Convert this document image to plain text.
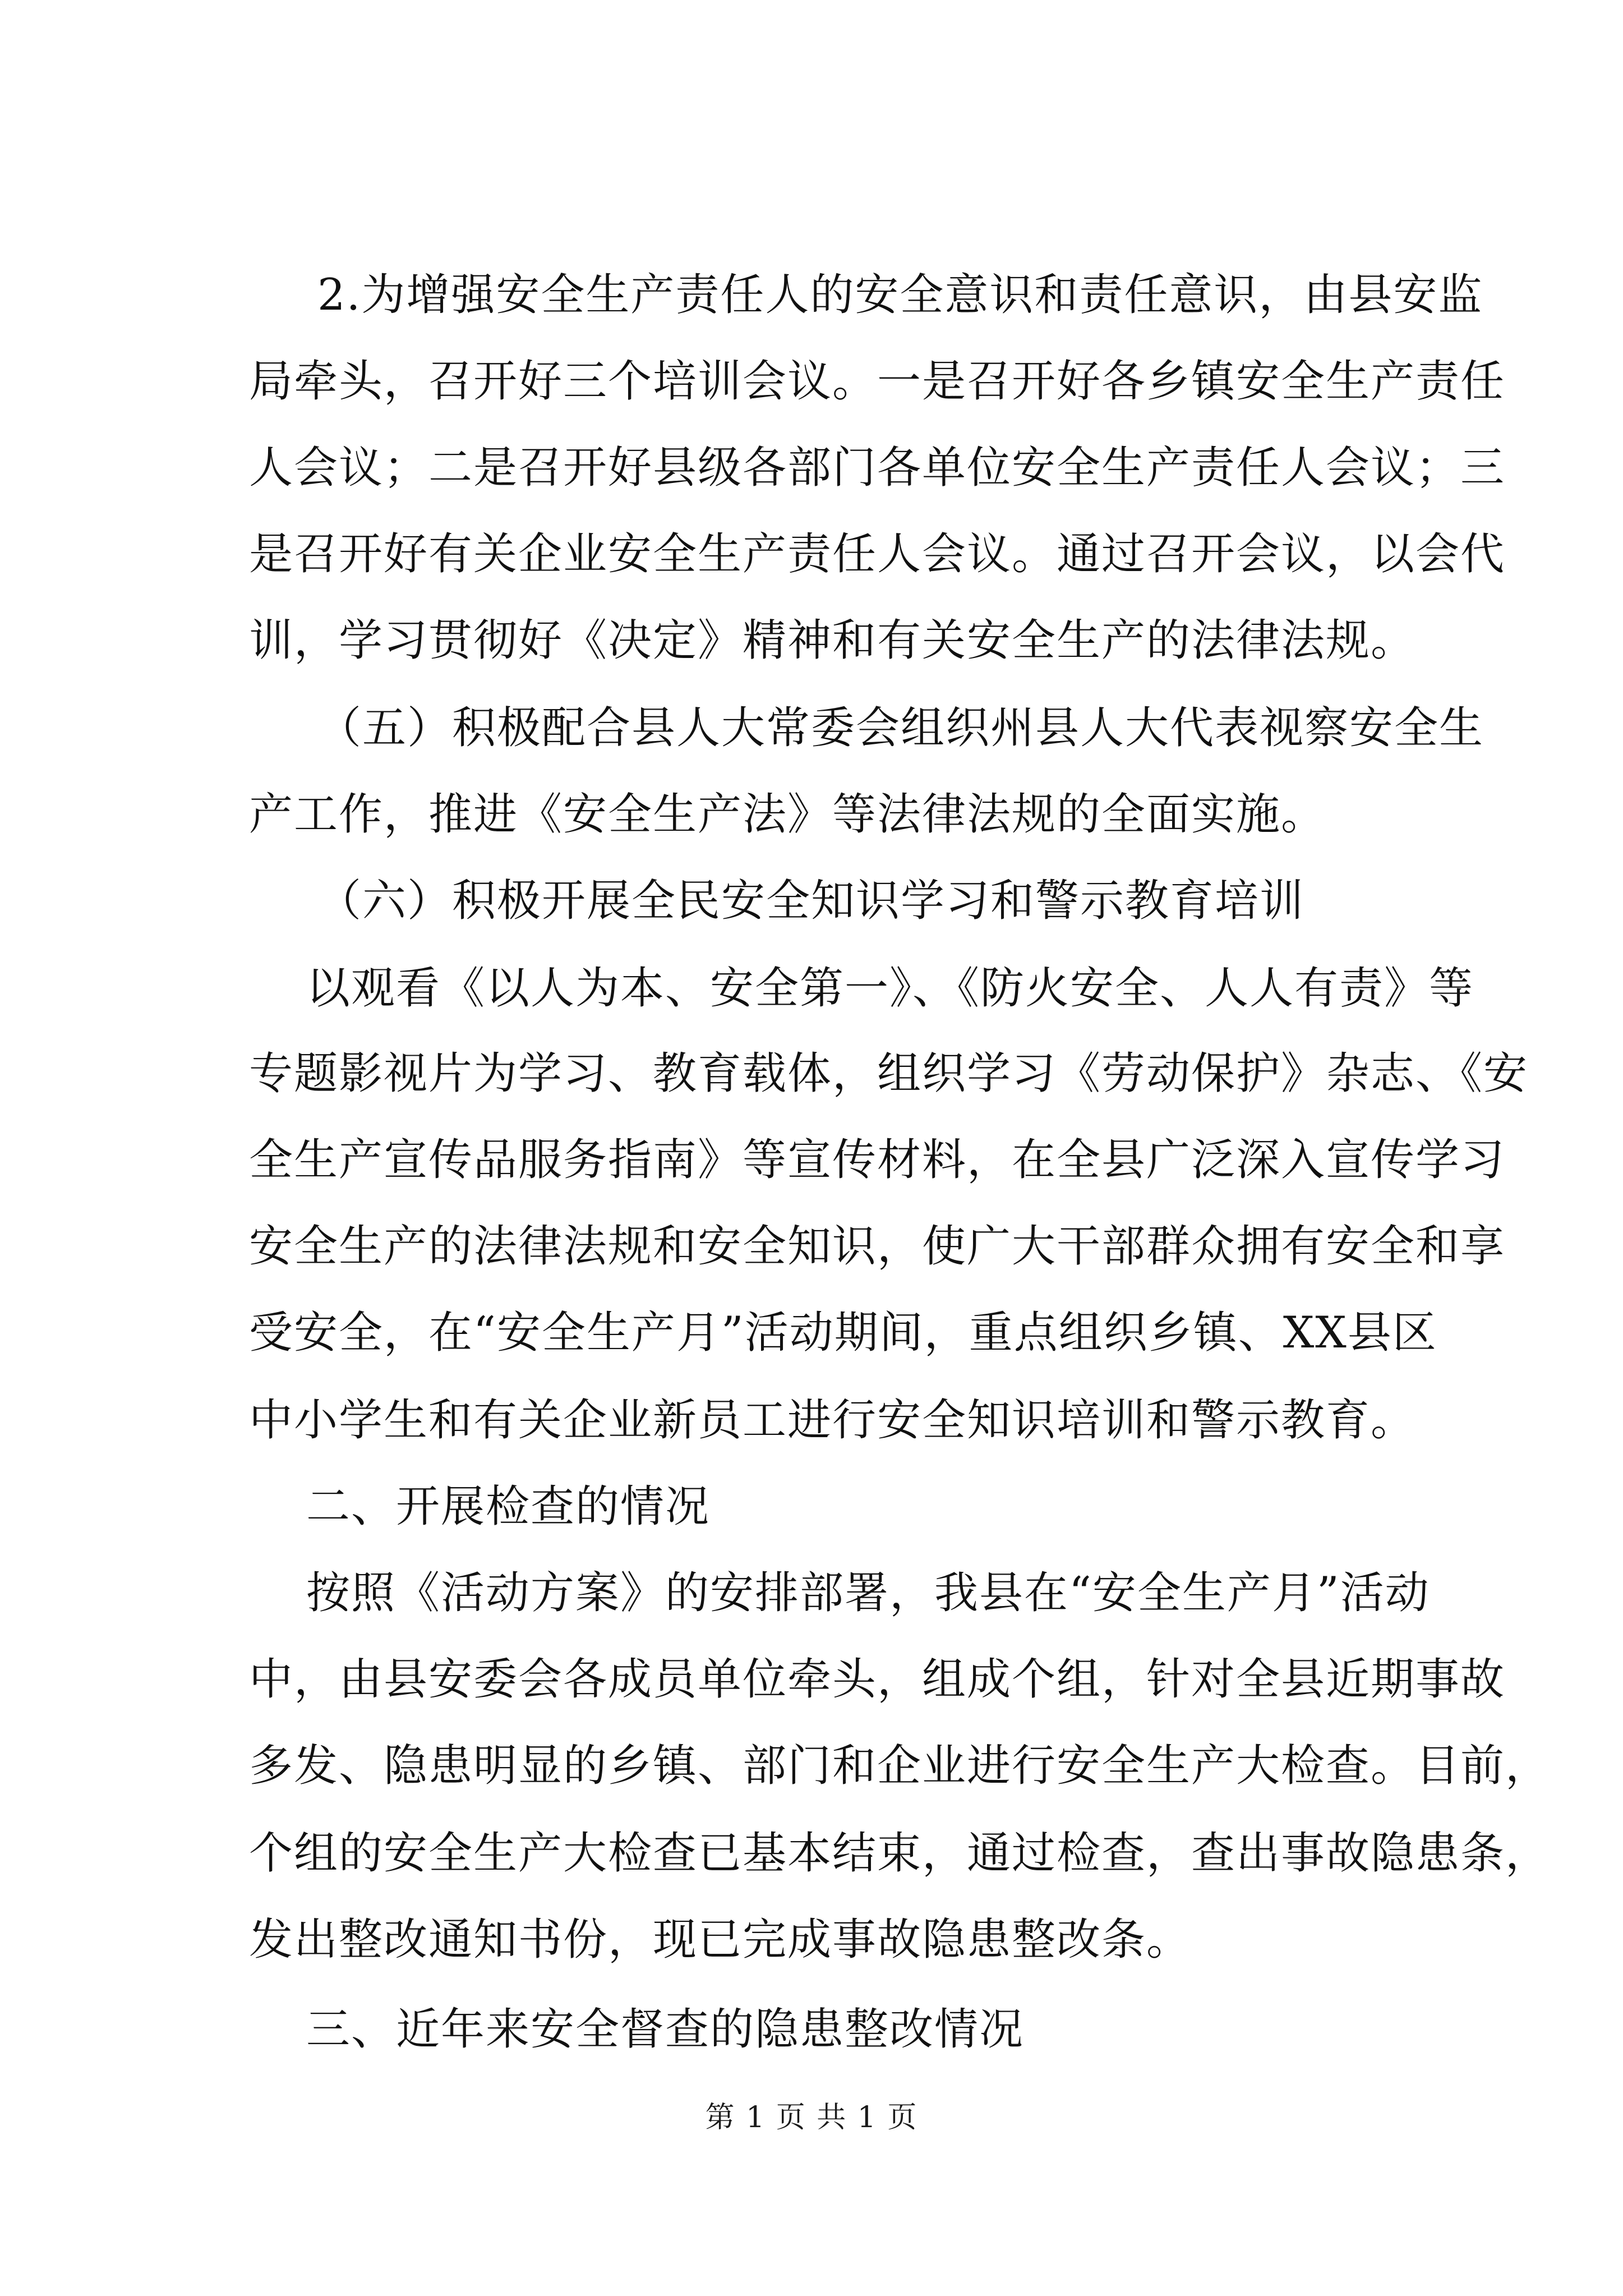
2.为增强安全生产责任人的安全意识和责任意识，由县安监
局牵头，召开好三个培训会议。一是召开好各乡镇安全生产责任
人会议；二是召开好县级各部门各单位安全生产责任人会议；三
是召开好有关企业安全生产责任人会议。通过召开会议，以会代
训，学习贯彻好《决定》精神和有关安全生产的法律法规。
（五）积极配合县人大常委会组织州县人大代表视察安全生
产工作，推进《安全生产法》等法律法规的全面实施。
（六）积极开展全民安全知识学习和警示教育培训
以观看《以人为本、安全第一》、《防火安全、人人有责》等
专题影视片为学习、教育载体，组织学习《劳动保护》杂志、《安
全生产宣传品服务指南》等宣传材料，在全县广泛深入宣传学习
安全生产的法律法规和安全知识，使广大干部群众拥有安全和享
受安全，在“安全生产月”活动期间，重点组织乡镇、XX县区
中小学生和有关企业新员工进行安全知识培训和警示教育。
二、开展检查的情况
按照《活动方案》的安排部署，我县在“安全生产月”活动
中，由县安委会各成员单位牵头，组成个组，针对全县近期事故
多发、隐患明显的乡镇、部门和企业进行安全生产大检查。目前，
个组的安全生产大检查已基本结束，通过检查，查出事故隐患条，
发出整改通知书份，现已完成事故隐患整改条。
三、近年来安全督查的隐患整改情况
第 1 页 共 1 页
